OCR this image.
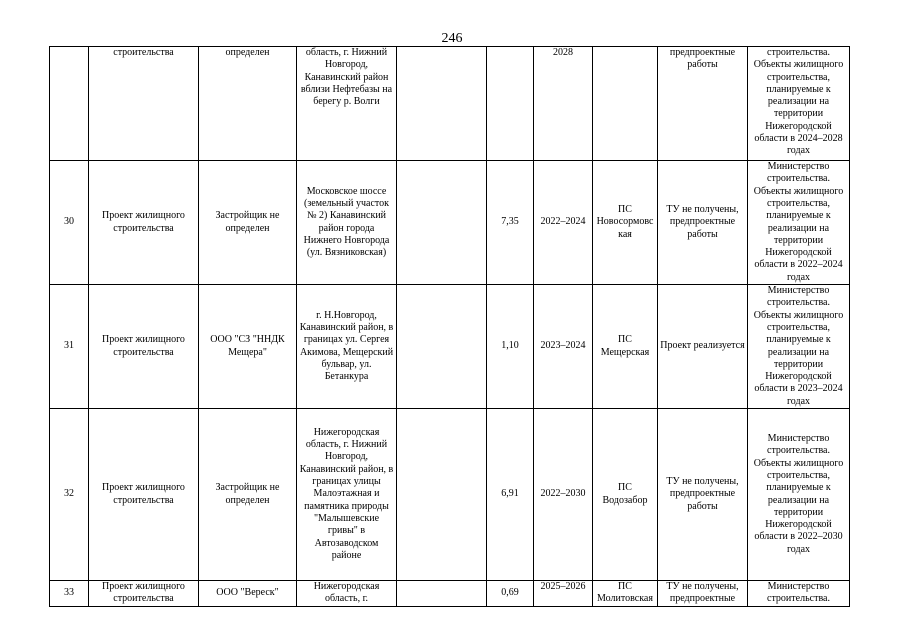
246
	строительства	определен	область, г. Нижний Новгород, Канавинский район вблизи Нефтебазы на берегу р. Волги			2028		предпроектные работы	строительства. Объекты жилищного строительства, планируемые к реализации на территории Нижегородской области в 2024–2028 годах
30	Проект жилищного строительства	Застройщик не определен	Московское шоссе (земельный участок № 2) Канавинский район города Нижнего Новгорода (ул. Вязниковская)		7,35	2022–2024	ПС Новосормовская	ТУ не получены, предпроектные работы	Министерство строительства. Объекты жилищного строительства, планируемые к реализации на территории Нижегородской области в 2022–2024 годах
31	Проект жилищного строительства	ООО "СЗ "ННДК Мещера"	г. Н.Новгород, Канавинский район, в границах ул. Сергея Акимова, Мещерский бульвар, ул. Бетанкура		1,10	2023–2024	ПС Мещерская	Проект реализуется	Министерство строительства. Объекты жилищного строительства, планируемые к реализации на территории Нижегородской области в 2023–2024 годах
32	Проект жилищного строительства	Застройщик не определен	Нижегородская область, г. Нижний Новгород, Канавинский район, в границах улицы Малоэтажная и памятника природы "Малышевские гривы" в Автозаводском районе		6,91	2022–2030	ПС Водозабор	ТУ не получены, предпроектные работы	Министерство строительства. Объекты жилищного строительства, планируемые к реализации на территории Нижегородской области в 2022–2030 годах
33	Проект жилищного строительства	ООО "Вереск"	Нижегородская область, г.		0,69	2025–2026	ПС Молитовская	ТУ не получены, предпроектные	Министерство строительства.
